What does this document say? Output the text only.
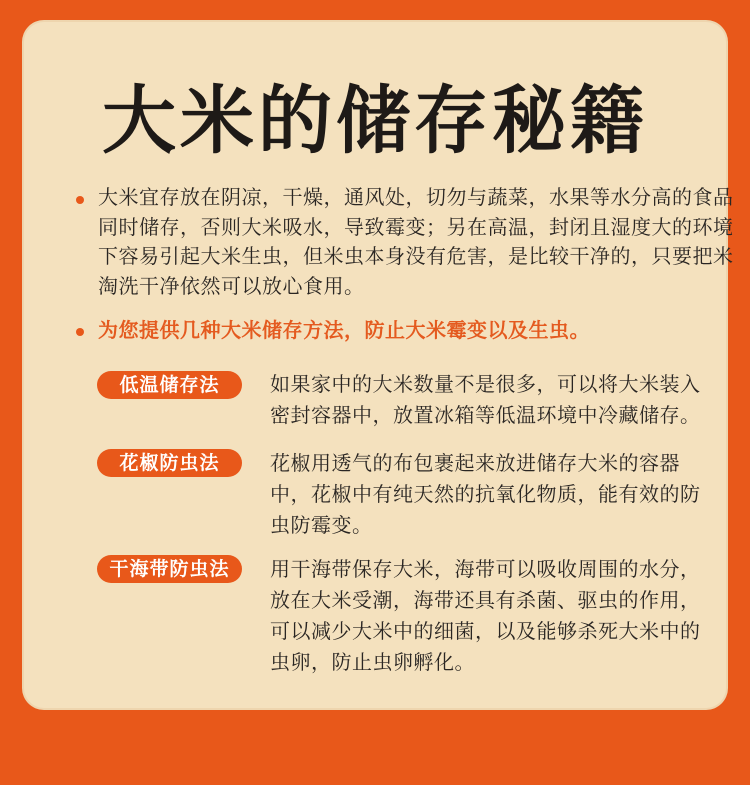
大米的储存秘籍
大米宜存放在阴凉，干燥，通风处，切勿与蔬菜，水果等水分高的食品同时储存，否则大米吸水，导致霉变；另在高温，封闭且湿度大的环境下容易引起大米生虫，但米虫本身没有危害，是比较干净的，只要把米淘洗干净依然可以放心食用。
为您提供几种大米储存方法，防止大米霉变以及生虫。
低温储存法	如果家中的大米数量不是很多，可以将大米装入密封容器中，放置冰箱等低温环境中冷藏储存。
花椒防虫法	花椒用透气的布包裹起来放进储存大米的容器中，花椒中有纯天然的抗氧化物质，能有效的防虫防霉变。
干海带防虫法	用干海带保存大米，海带可以吸收周围的水分，放在大米受潮，海带还具有杀菌、驱虫的作用，可以减少大米中的细菌，以及能够杀死大米中的虫卵，防止虫卵孵化。
